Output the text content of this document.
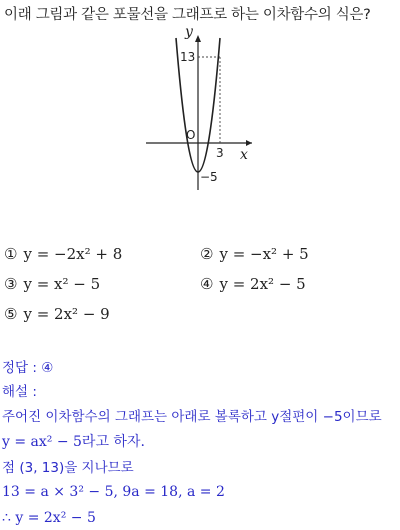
이래 그림과 같은 포물선을 그래프로 하는 이차함수의 식은?
y
x
O
13
3
−5
① y = −2x² + 8	② y = −x² + 5
③ y = x² − 5	④ y = 2x² − 5
⑤ y = 2x² − 9
정답 : ④
해설 :
주어진 이차함수의 그래프는 아래로 볼록하고 y절편이 −5이므로
y = ax² − 5라고 하자.
점 (3, 13)을 지나므로
13 = a × 3² − 5, 9a = 18, a = 2
∴ y = 2x² − 5
